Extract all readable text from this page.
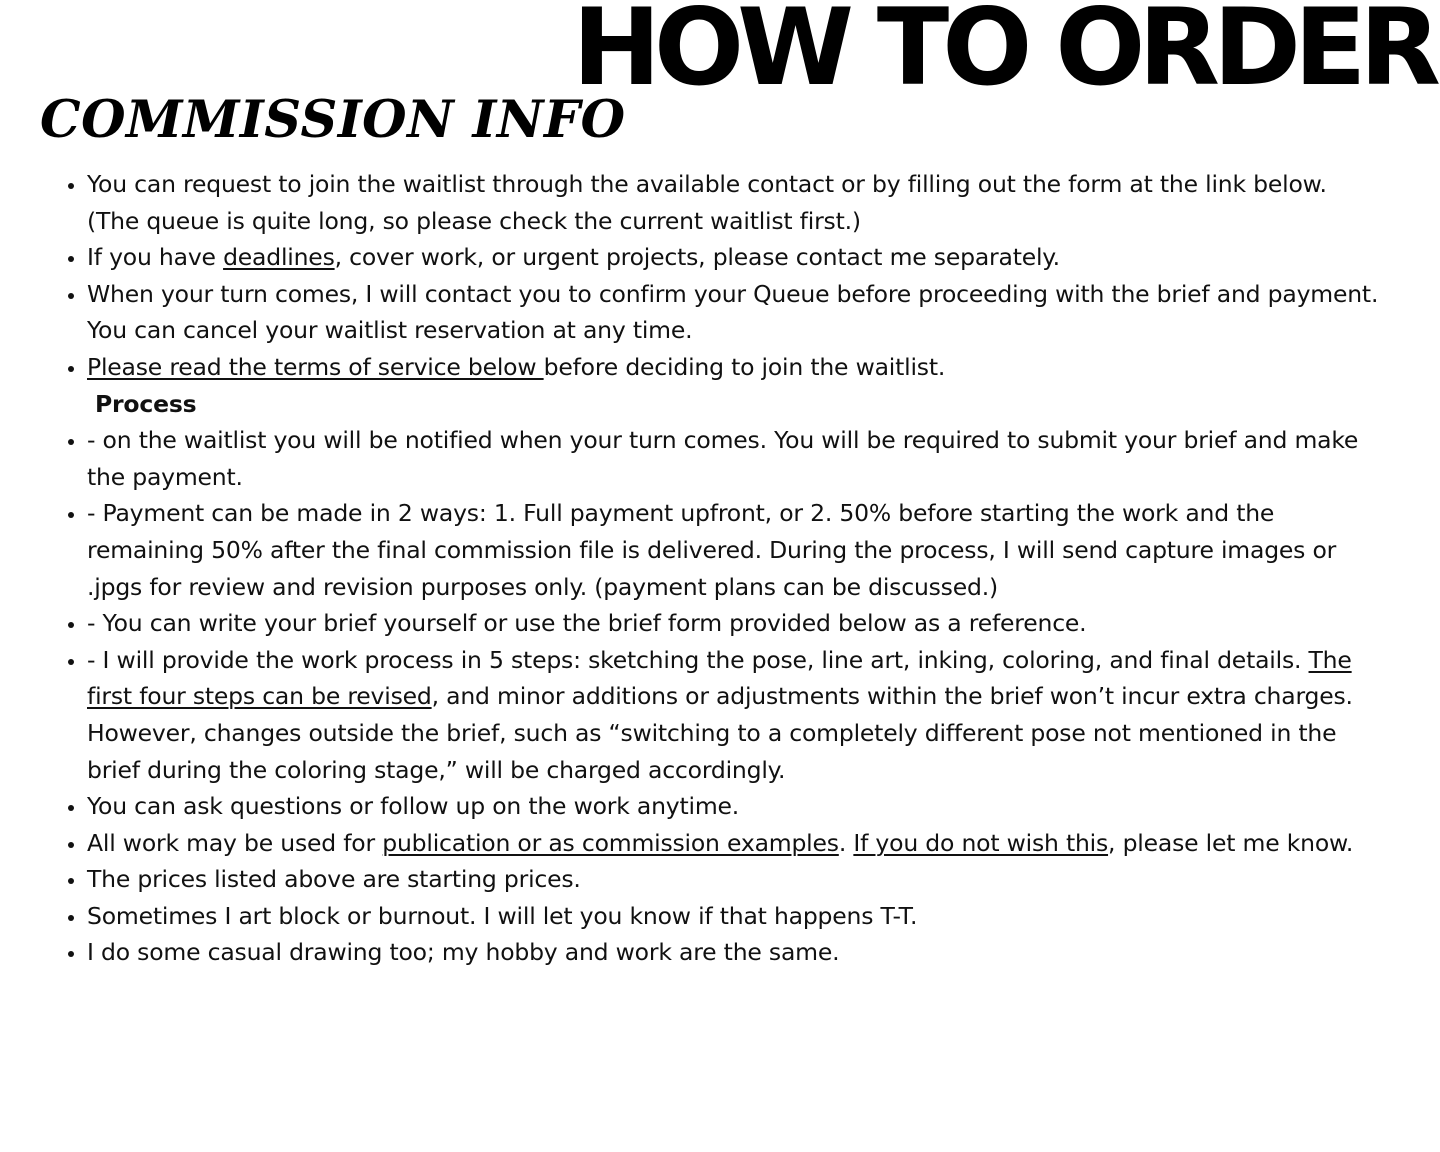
HOW TO ORDER
COMMISSION INFO
• You can request to join the waitlist through the available contact or by filling out the form at the link below.
(The queue is quite long, so please check the current waitlist first.)
• If you have deadlines, cover work, or urgent projects, please contact me separately.
• When your turn comes, I will contact you to confirm your Queue before proceeding with the brief and payment. You can cancel your waitlist reservation at any time.
• Please read the terms of service below before deciding to join the waitlist.
Process
• - on the waitlist you will be notified when your turn comes. You will be required to submit your brief and make the payment.
• - Payment can be made in 2 ways: 1. Full payment upfront, or 2. 50% before starting the work and the remaining 50% after the final commission file is delivered. During the process, I will send capture images or .jpgs for review and revision purposes only. (payment plans can be discussed.)
• - You can write your brief yourself or use the brief form provided below as a reference.
• - I will provide the work process in 5 steps: sketching the pose, line art, inking, coloring, and final details. The first four steps can be revised, and minor additions or adjustments within the brief won’t incur extra charges. However, changes outside the brief, such as “switching to a completely different pose not mentioned in the brief during the coloring stage,” will be charged accordingly.
• You can ask questions or follow up on the work anytime.
• All work may be used for publication or as commission examples. If you do not wish this, please let me know.
• The prices listed above are starting prices.
• Sometimes I art block or burnout. I will let you know if that happens T-T.
• I do some casual drawing too; my hobby and work are the same.
